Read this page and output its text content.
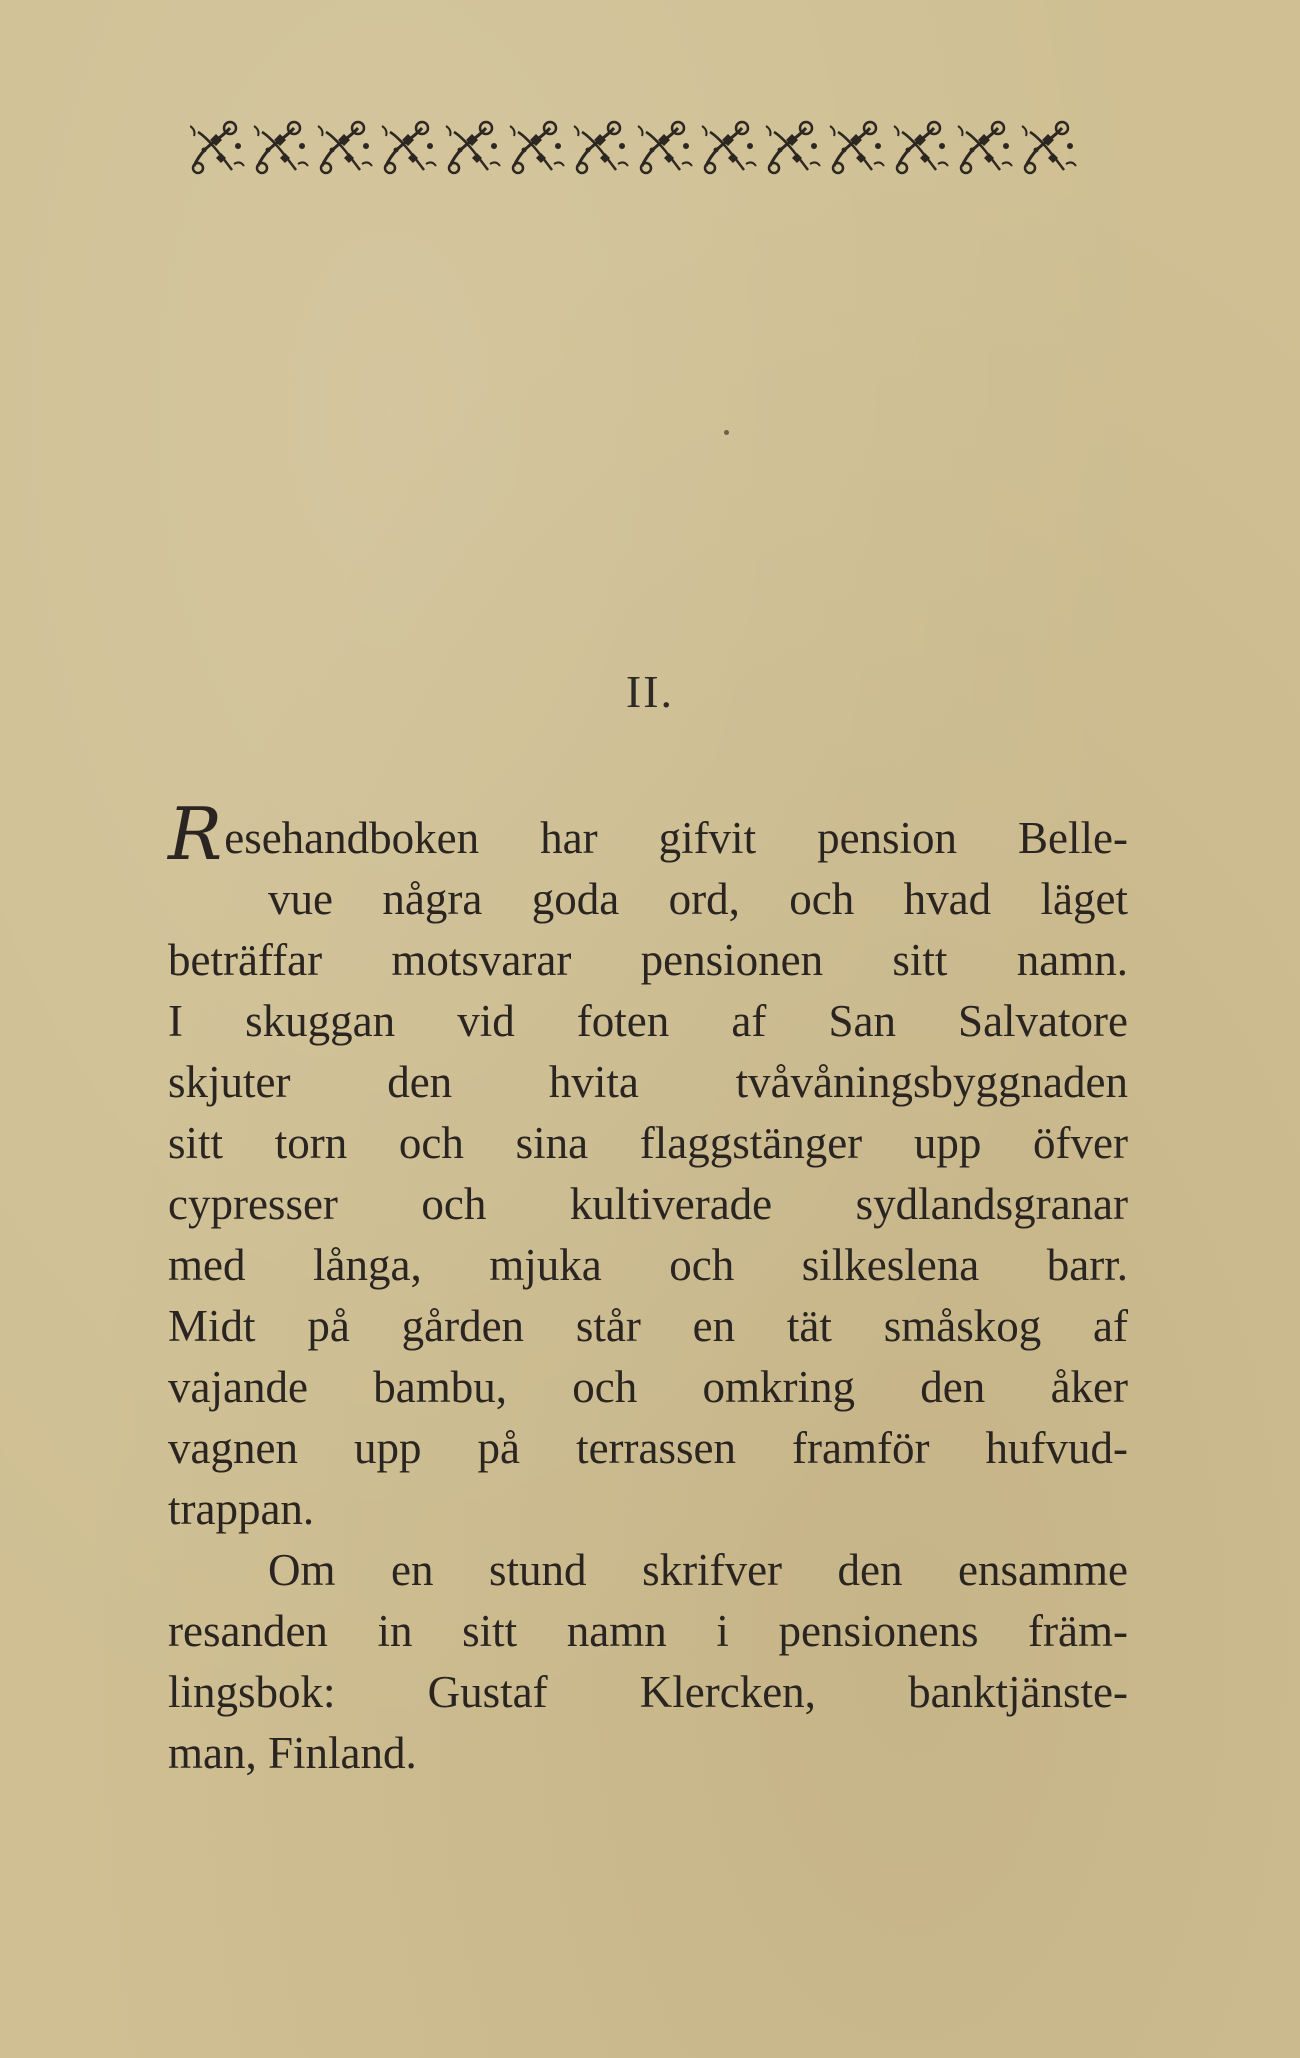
II.
Resehandboken har gifvit pension Belle-
vue några goda ord, och hvad läget
beträffar motsvarar pensionen sitt namn.
I skuggan vid foten af San Salvatore
skjuter den hvita tvåvåningsbyggnaden
sitt torn och sina flaggstänger upp öfver
cypresser och kultiverade sydlandsgranar
med långa, mjuka och silkeslena barr.
Midt på gården står en tät småskog af
vajande bambu, och omkring den åker
vagnen upp på terrassen framför hufvud-
trappan.
Om en stund skrifver den ensamme
resanden in sitt namn i pensionens främ-
lingsbok: Gustaf Klercken, banktjänste-
man, Finland.
